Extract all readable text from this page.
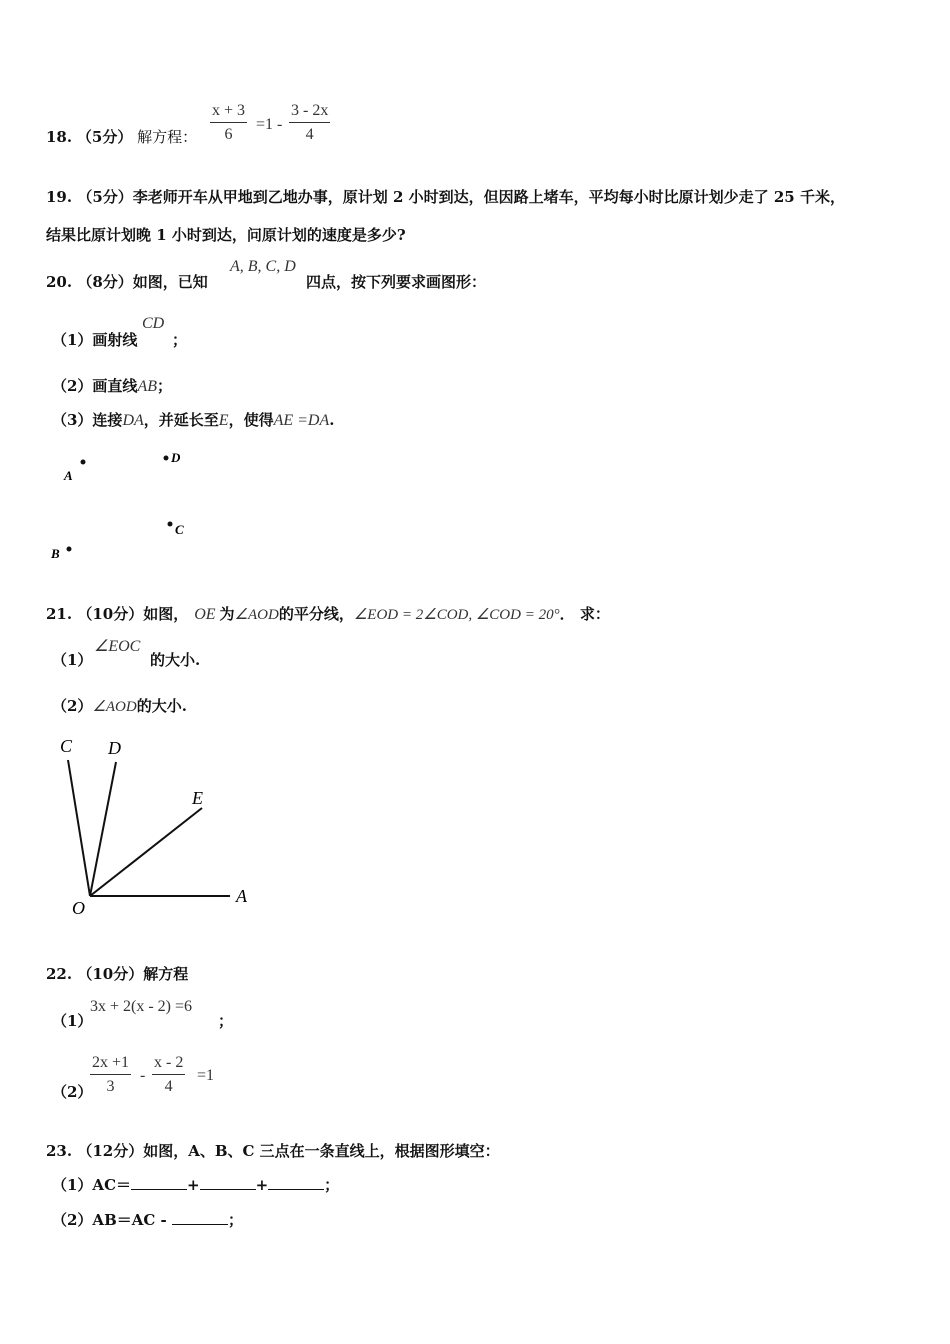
18. （5分） 解方程： $\frac{x + 3}{6} =1 - \frac{3 - 2x}{4}$
19. （5分）李老师开车从甲地到乙地办事，原计划 2 小时到达，但因路上堵车，平均每小时比原计划少走了 25 千米，
结果比原计划晚 1 小时到达，问原计划的速度是多少?
20. （8分）如图，已知
A, B, C, D
四点，按下列要求画图形：
（1）画射线
CD
；
（2）画直线AB；
（3）连接DA，并延长至E，使得AE =DA.
A
D
C
B
21. （10分）如图， OE 为∠AOD的平分线，∠EOD = 2∠COD, ∠COD = 20°． 求：
（1）
∠EOC
的大小.
（2）∠AOD的大小.
C D
E
O
A
22. （10分）解方程
（1）
3x + 2(x - 2) =6
；
（2）
$\frac{2x +1}{3} - \frac{x - 2}{4} =1$
23. （12分）如图，A、B、C 三点在一条直线上，根据图形填空：
（1）AC＝	+	+	；
（2）AB＝AC -	；
